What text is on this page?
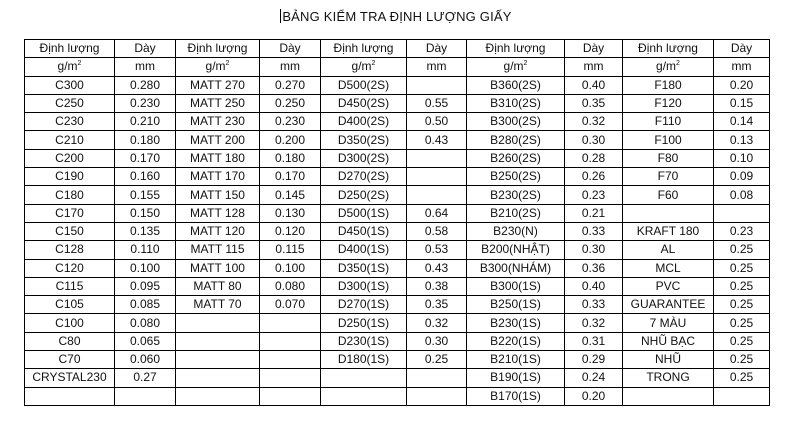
BẢNG KIỂM TRA ĐỊNH LƯỢNG GIẤY
Định lượng	Dày	Định lượng	Dày	Định lượng	Dày	Định lượng	Dày	Định lượng	Dày
$g/m^2$	mm	$g/m^2$	mm	$g/m^2$	mm	$g/m^2$	mm	$g/m^2$	mm
C300	0.280	MATT 270	0.270	D500(2S)		B360(2S)	0.40	F180	0.20
C250	0.230	MATT 250	0.250	D450(2S)	0.55	B310(2S)	0.35	F120	0.15
C230	0.210	MATT 230	0.230	D400(2S)	0.50	B300(2S)	0.32	F110	0.14
C210	0.180	MATT 200	0.200	D350(2S)	0.43	B280(2S)	0.30	F100	0.13
C200	0.170	MATT 180	0.180	D300(2S)		B260(2S)	0.28	F80	0.10
C190	0.160	MATT 170	0.170	D270(2S)		B250(2S)	0.26	F70	0.09
C180	0.155	MATT 150	0.145	D250(2S)		B230(2S)	0.23	F60	0.08
C170	0.150	MATT 128	0.130	D500(1S)	0.64	B210(2S)	0.21		
C150	0.135	MATT 120	0.120	D450(1S)	0.58	B230(N)	0.33	KRAFT 180	0.23
C128	0.110	MATT 115	0.115	D400(1S)	0.53	B200(NHẬT)	0.30	AL	0.25
C120	0.100	MATT 100	0.100	D350(1S)	0.43	B300(NHÁM)	0.36	MCL	0.25
C115	0.095	MATT 80	0.080	D300(1S)	0.38	B300(1S)	0.40	PVC	0.25
C105	0.085	MATT 70	0.070	D270(1S)	0.35	B250(1S)	0.33	GUARANTEE	0.25
C100	0.080			D250(1S)	0.32	B230(1S)	0.32	7 MÀU	0.25
C80	0.065			D230(1S)	0.30	B220(1S)	0.31	NHŨ BẠC	0.25
C70	0.060			D180(1S)	0.25	B210(1S)	0.29	NHŨ	0.25
CRYSTAL230	0.27					B190(1S)	0.24	TRONG	0.25
						B170(1S)	0.20		
